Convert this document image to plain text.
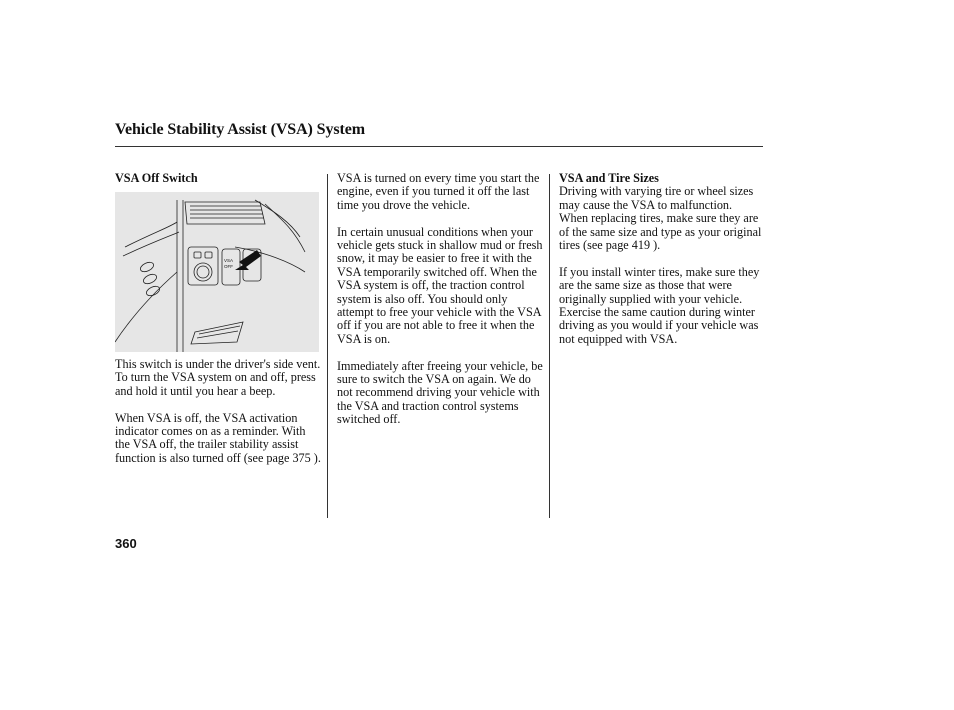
Vehicle Stability Assist (VSA) System

VSA Off Switch

This switch is under the driver's side vent. To turn the VSA system on and off, press and hold it until you hear a beep.

When VSA is off, the VSA activation indicator comes on as a reminder. With the VSA off, the trailer stability assist function is also turned off (see page 375 ).

VSA
OFF

VSA is turned on every time you start the engine, even if you turned it off the last time you drove the vehicle.

In certain unusual conditions when your vehicle gets stuck in shallow mud or fresh snow, it may be easier to free it with the VSA temporarily switched off. When the VSA system is off, the traction control system is also off. You should only attempt to free your vehicle with the VSA off if you are not able to free it when the VSA is on.

Immediately after freeing your vehicle, be sure to switch the VSA on again. We do not recommend driving your vehicle with the VSA and traction control systems switched off.

VSA and Tire Sizes

Driving with varying tire or wheel sizes may cause the VSA to malfunction. When replacing tires, make sure they are of the same size and type as your original tires (see page 419 ).

If you install winter tires, make sure they are the same size as those that were originally supplied with your vehicle. Exercise the same caution during winter driving as you would if your vehicle was not equipped with VSA.

360
